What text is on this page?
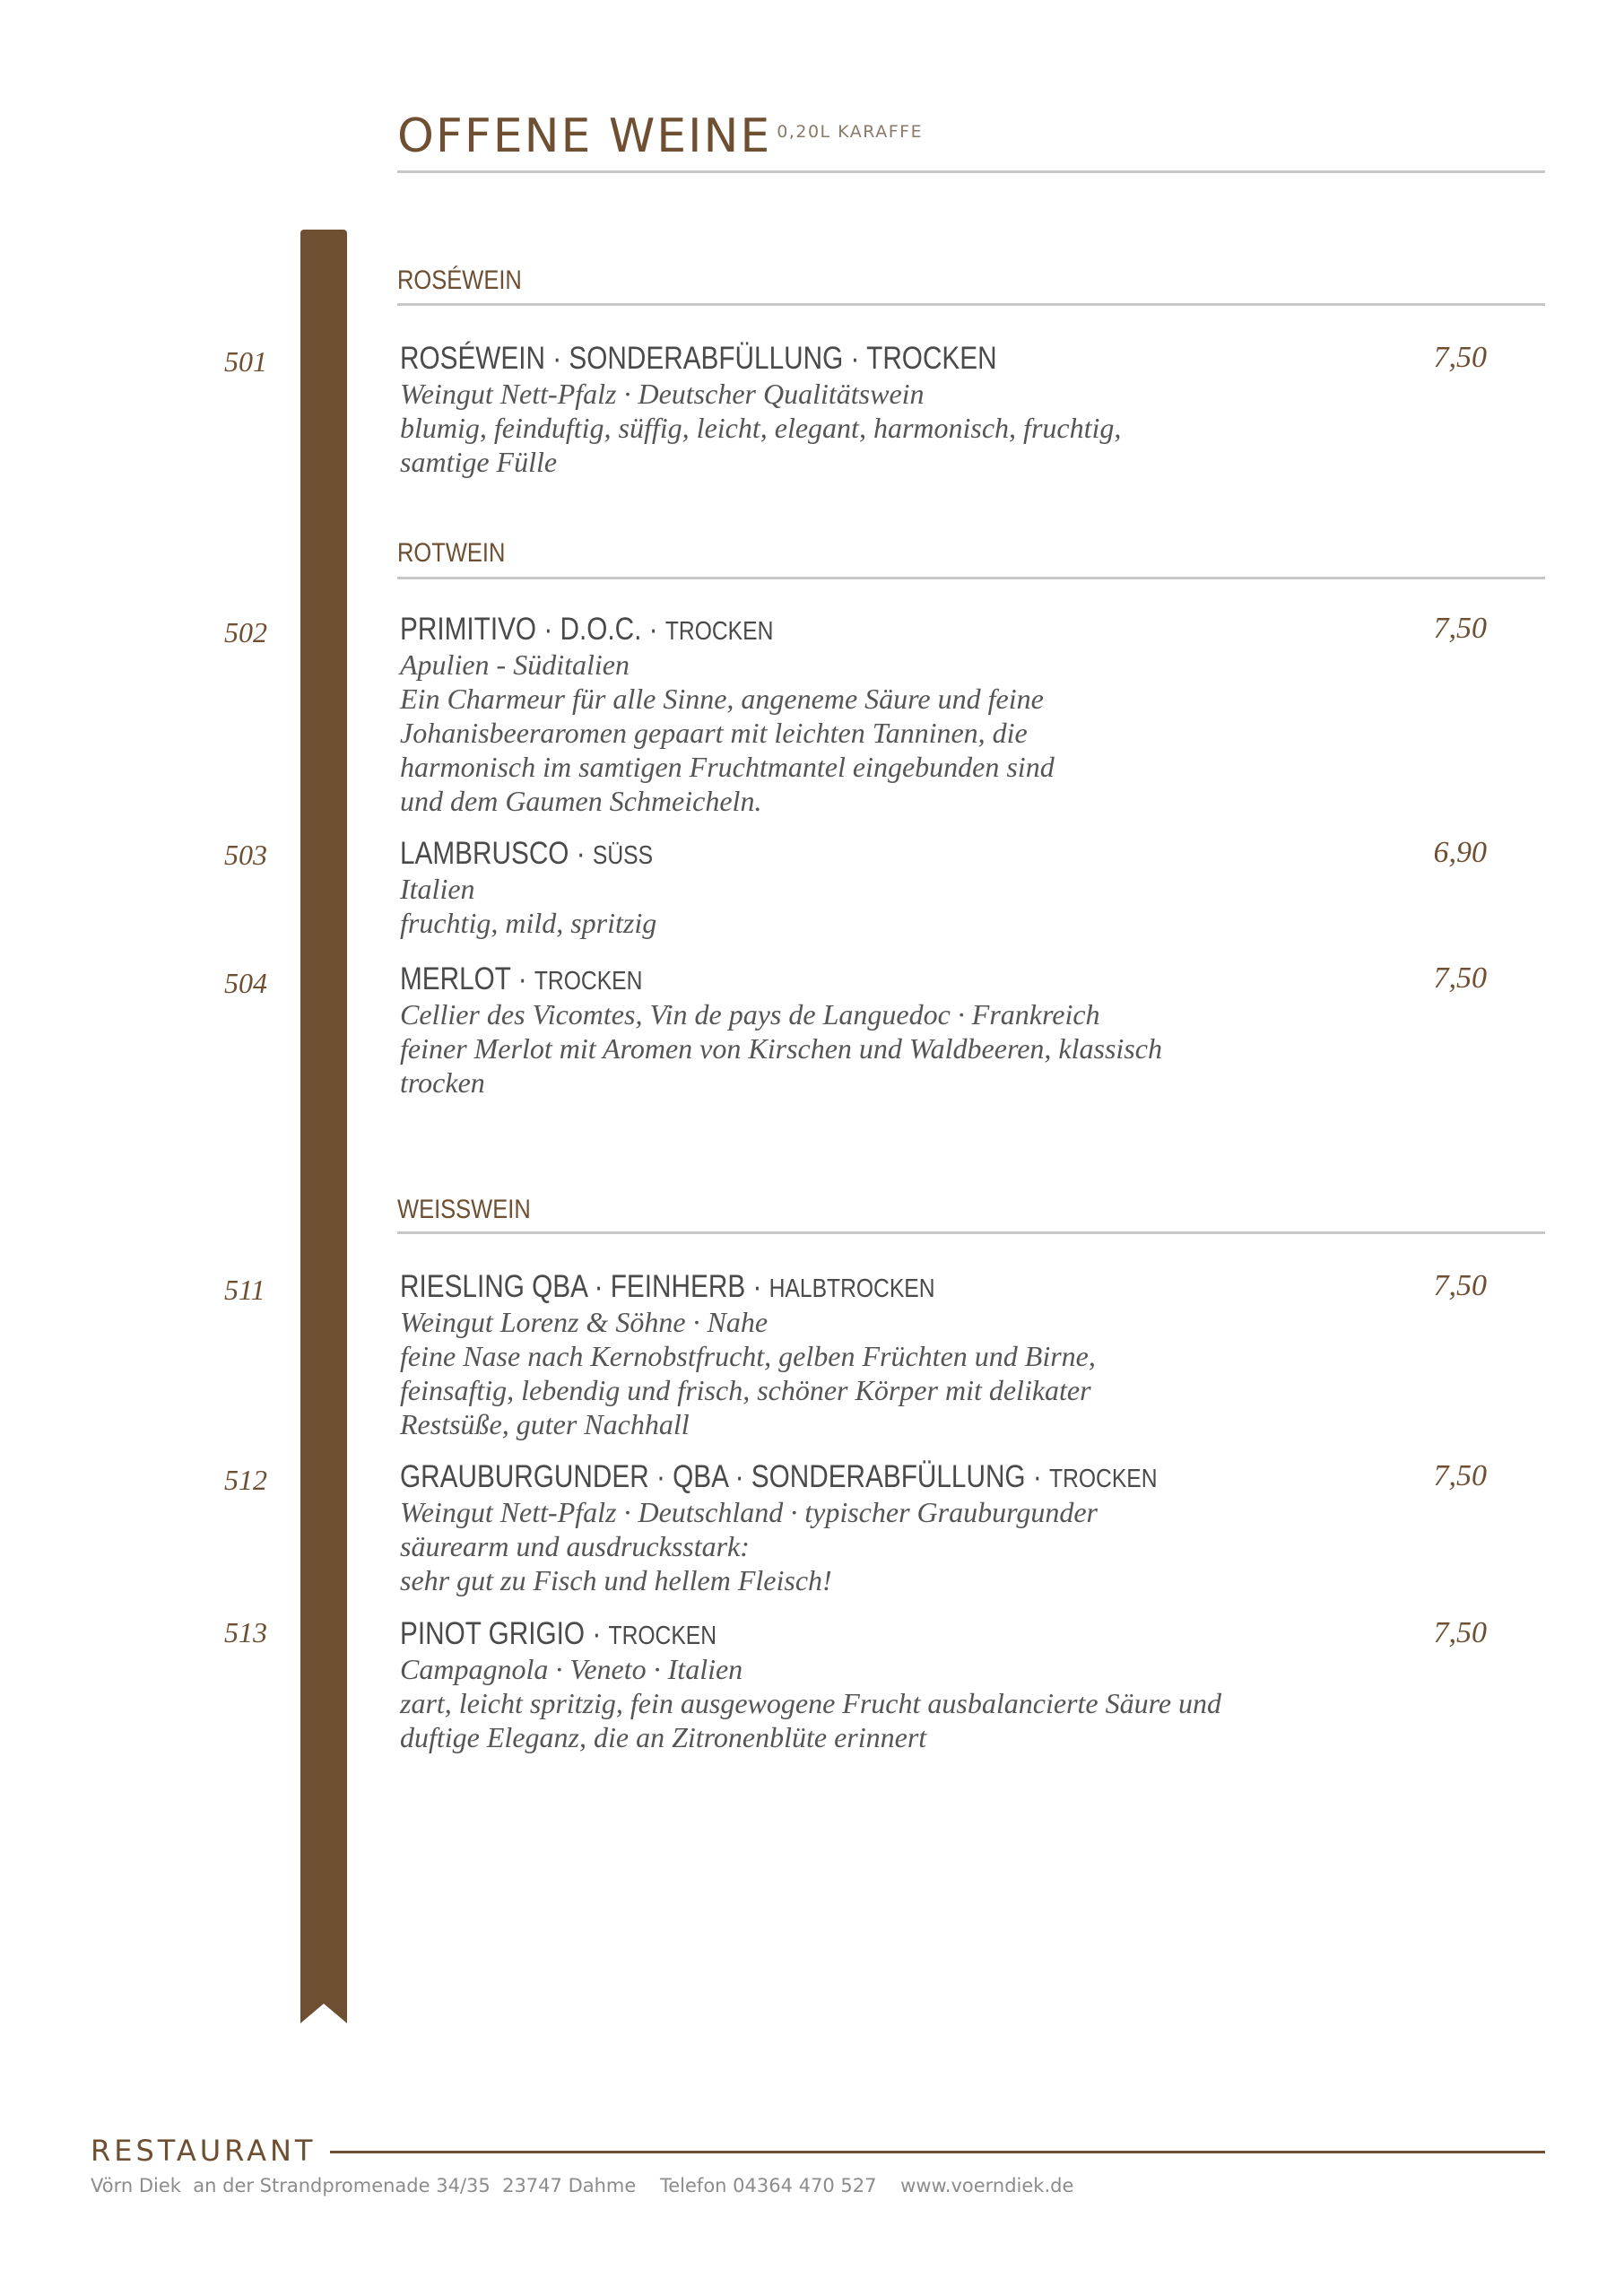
OFFENE WEINE 0,20L KARAFFE
ROSÉWEIN
501	7,50
ROSÉWEIN · SONDERABFÜLLUNG · TROCKEN

Weingut Nett-Pfalz · Deutscher Qualitätswein

blumig, feinduftig, süffig, leicht, elegant, harmonisch, fruchtig,

samtige Fülle

ROTWEIN
502	7,50
PRIMITIVO · D.O.C. · TROCKEN

Apulien - Süditalien

Ein Charmeur für alle Sinne, angeneme Säure und feine

Johanisbeeraromen gepaart mit leichten Tanninen, die

harmonisch im samtigen Fruchtmantel eingebunden sind

und dem Gaumen Schmeicheln.

503	6,90
LAMBRUSCO · SÜSS

Italien

fruchtig, mild, spritzig

504	7,50
MERLOT · TROCKEN

Cellier des Vicomtes, Vin de pays de Languedoc · Frankreich

feiner Merlot mit Aromen von Kirschen und Waldbeeren, klassisch

trocken

WEISSWEIN
511	7,50
RIESLING QBA · FEINHERB · HALBTROCKEN

Weingut Lorenz & Söhne · Nahe

feine Nase nach Kernobstfrucht, gelben Früchten und Birne,

feinsaftig, lebendig und frisch, schöner Körper mit delikater

Restsüße, guter Nachhall

512	7,50
GRAUBURGUNDER · QBA · SONDERABFÜLLUNG · TROCKEN

Weingut Nett-Pfalz · Deutschland · typischer Grauburgunder

säurearm und ausdrucksstark:

sehr gut zu Fisch und hellem Fleisch!

513	7,50
PINOT GRIGIO · TROCKEN

Campagnola · Veneto · Italien

zart, leicht spritzig, fein ausgewogene Frucht ausbalancierte Säure und

duftige Eleganz, die an Zitronenblüte erinnert

RESTAURANT
Vörn Diek  an der Strandpromenade 34/35  23747 Dahme    Telefon 04364 470 527    www.voerndiek.de
